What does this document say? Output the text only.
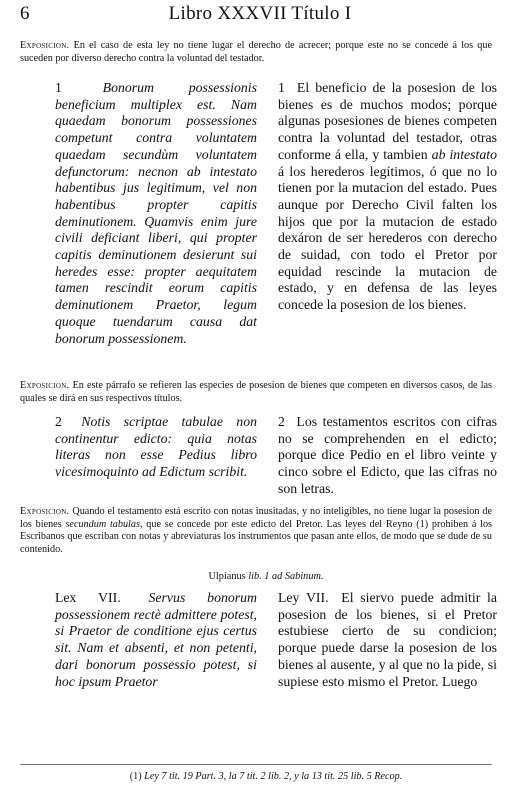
6	Libro XXXVII Título I
Exposicion. En el caso de esta ley no tiene lugar el derecho de acrecer; porque este no se concede á los que suceden por diverso derecho contra la voluntad del testador.
1	Bonorum possessionis beneficium multiplex est. Nam quaedam bonorum possessiones competunt contra voluntatem quaedam secundùm voluntatem defunctorum: necnon ab intestato habentibus jus legitimum, vel non habentibus propter capitis deminutionem. Quamvis enim jure civili deficiant liberi, qui propter capitis deminutionem desierunt sui heredes esse: propter aequitatem tamen rescindit eorum capitis deminutionem Praetor, legum quoque tuendarum causa dat bonorum possessionem.
1 El beneficio de la posesion de los bienes es de muchos modos; porque algunas posesiones de bienes competen contra la voluntad del testador, otras conforme á ella, y tambien ab intestato á los herederos legítimos, ó que no lo tienen por la mutacion del estado. Pues aunque por Derecho Civil falten los hijos que por la mutacion de estado dexáron de ser herederos con derecho de suidad, con todo el Pretor por equidad rescinde la mutacion de estado, y en defensa de las leyes concede la posesion de los bienes.
Exposicion. En este párrafo se refieren las especies de posesion de bienes que competen en diversos casos, de las quales se dirá en sus respectivos títulos.
2 Notis scriptae tabulae non continentur edicto: quia notas literas non esse Pedius libro vicesimoquinto ad Edictum scribit.
2 Los testamentos escritos con cifras no se comprehenden en el edicto; porque dice Pedio en el libro veinte y cinco sobre el Edicto, que las cifras no son letras.
Exposicion. Quando el testamento está escrito con notas inusitadas, y no inteligibles, no tiene lugar la posesion de los bienes secundum tabulas, que se concede por este edicto del Pretor. Las leyes del Reyno (1) prohiben á los Escribanos que escriban con notas y abreviaturas los instrumentos que pasan ante ellos, de modo que se dude de su contenido.
Ulpianus lib. 1 ad Sabinum.
Lex VII. Servus bonorum possessionem rectè admittere potest, si Praetor de conditione ejus certus sit. Nam et absenti, et non petenti, dari bonorum possessio potest, si hoc ipsum Praetor
Ley VII. El siervo puede admitir la posesion de los bienes, si el Pretor estubiese cierto de su condicion; porque puede darse la posesion de los bienes al ausente, y al que no la pide, si supiese esto mismo el Pretor. Luego
(1) Ley 7 tit. 19 Part. 3, la 7 tit. 2 lib. 2, y la 13 tit. 25 lib. 5 Recop.
